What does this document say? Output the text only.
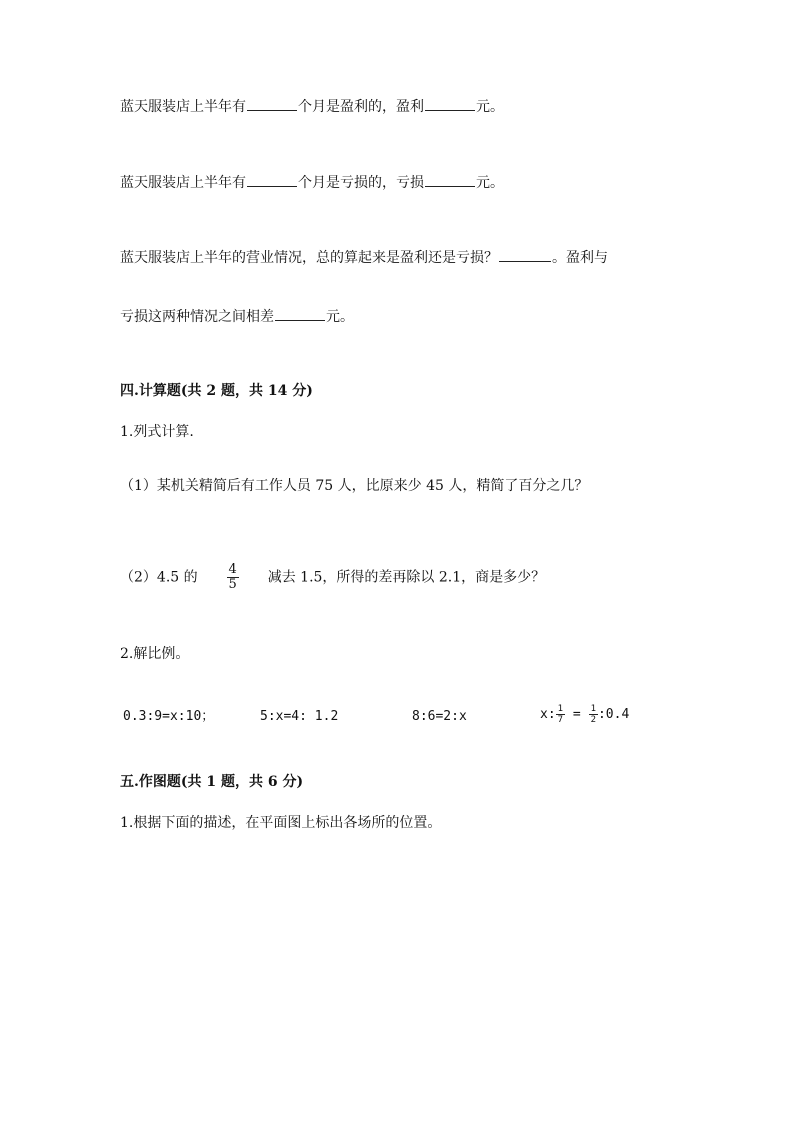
蓝天服装店上半年有	个月是盈利的，盈利	元。
蓝天服装店上半年有	个月是亏损的，亏损	元。
蓝天服装店上半年的营业情况，总的算起来是盈利还是亏损？	。盈利与
亏损这两种情况之间相差	元。
四.计算题(共 2 题，共 14 分)
1.列式计算.
（1）某机关精简后有工作人员 75 人，比原来少 45 人，精简了百分之几？
（2）4.5 的 $\frac{4}{5}$ 减去 1.5，所得的差再除以 2.1，商是多少？
2.解比例。
0.3:9=x:10；	5:x=4: 1.2	8:6=2:x	x: $\frac{1}{7} = \frac{1}{2}$ :0.4
五.作图题(共 1 题，共 6 分)
1.根据下面的描述，在平面图上标出各场所的位置。
